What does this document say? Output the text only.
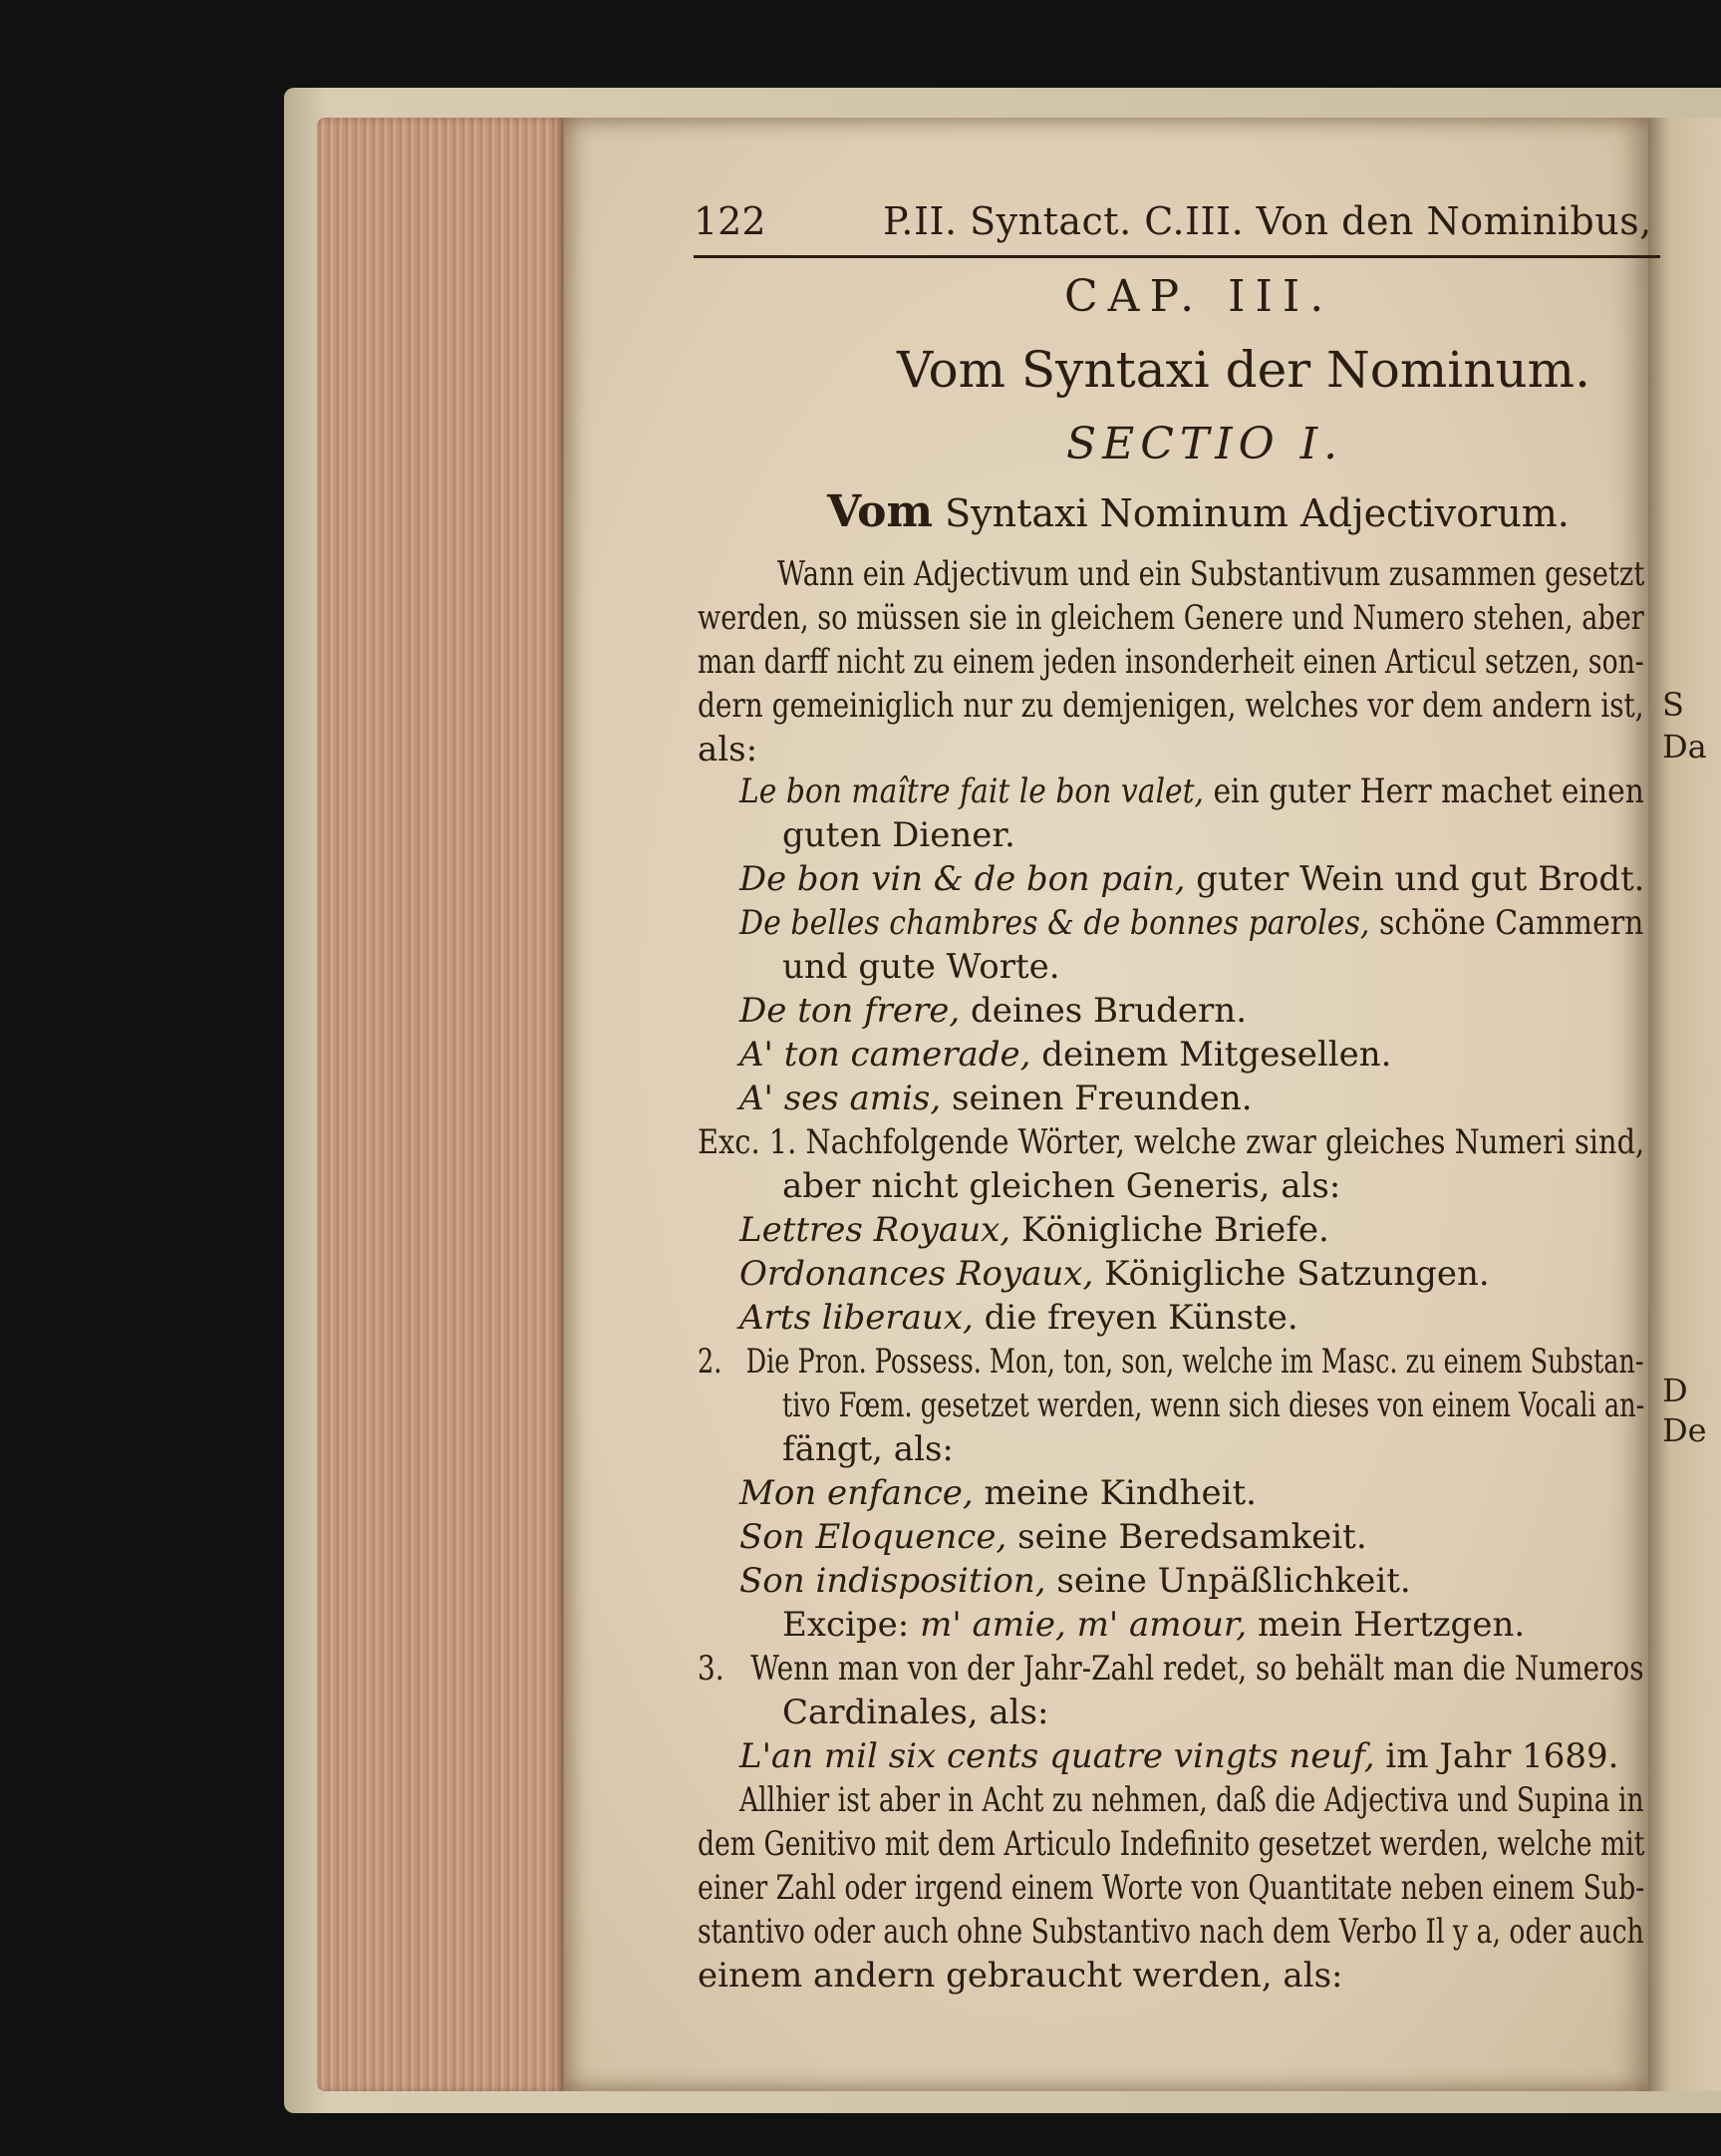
S
Da
D
De
122	P.II. Syntact. C.III. Von den Nominibus,
CAP. III.
Vom Syntaxi der Nominum.
SECTIO I.
Vom Syntaxi Nominum Adjectivorum.
Wann ein Adjectivum und ein Substantivum zusammen gesetzt
werden, so müssen sie in gleichem Genere und Numero stehen, aber
man darff nicht zu einem jeden insonderheit einen Articul setzen, son-
dern gemeiniglich nur zu demjenigen, welches vor dem andern ist,
als:
Le bon maître fait le bon valet, ein guter Herr machet einen
guten Diener.
De bon vin & de bon pain, guter Wein und gut Brodt.
De belles chambres & de bonnes paroles, schöne Cammern
und gute Worte.
De ton frere, deines Brudern.
A' ton camerade, deinem Mitgesellen.
A' ses amis, seinen Freunden.
Exc. 1. Nachfolgende Wörter, welche zwar gleiches Numeri sind,
aber nicht gleichen Generis, als:
Lettres Royaux, Königliche Briefe.
Ordonances Royaux, Königliche Satzungen.
Arts liberaux, die freyen Künste.
2. Die Pron. Possess. Mon, ton, son, welche im Masc. zu einem Substan-
tivo Fœm. gesetzet werden, wenn sich dieses von einem Vocali an-
fängt, als:
Mon enfance, meine Kindheit.
Son Eloquence, seine Beredsamkeit.
Son indisposition, seine Unpäßlichkeit.
Excipe: m' amie, m' amour, mein Hertzgen.
3. Wenn man von der Jahr-Zahl redet, so behält man die Numeros
Cardinales, als:
L'an mil six cents quatre vingts neuf, im Jahr 1689.
Allhier ist aber in Acht zu nehmen, daß die Adjectiva und Supina in
dem Genitivo mit dem Articulo Indefinito gesetzet werden, welche mit
einer Zahl oder irgend einem Worte von Quantitate neben einem Sub-
stantivo oder auch ohne Substantivo nach dem Verbo Il y a, oder auch
einem andern gebraucht werden, als:
